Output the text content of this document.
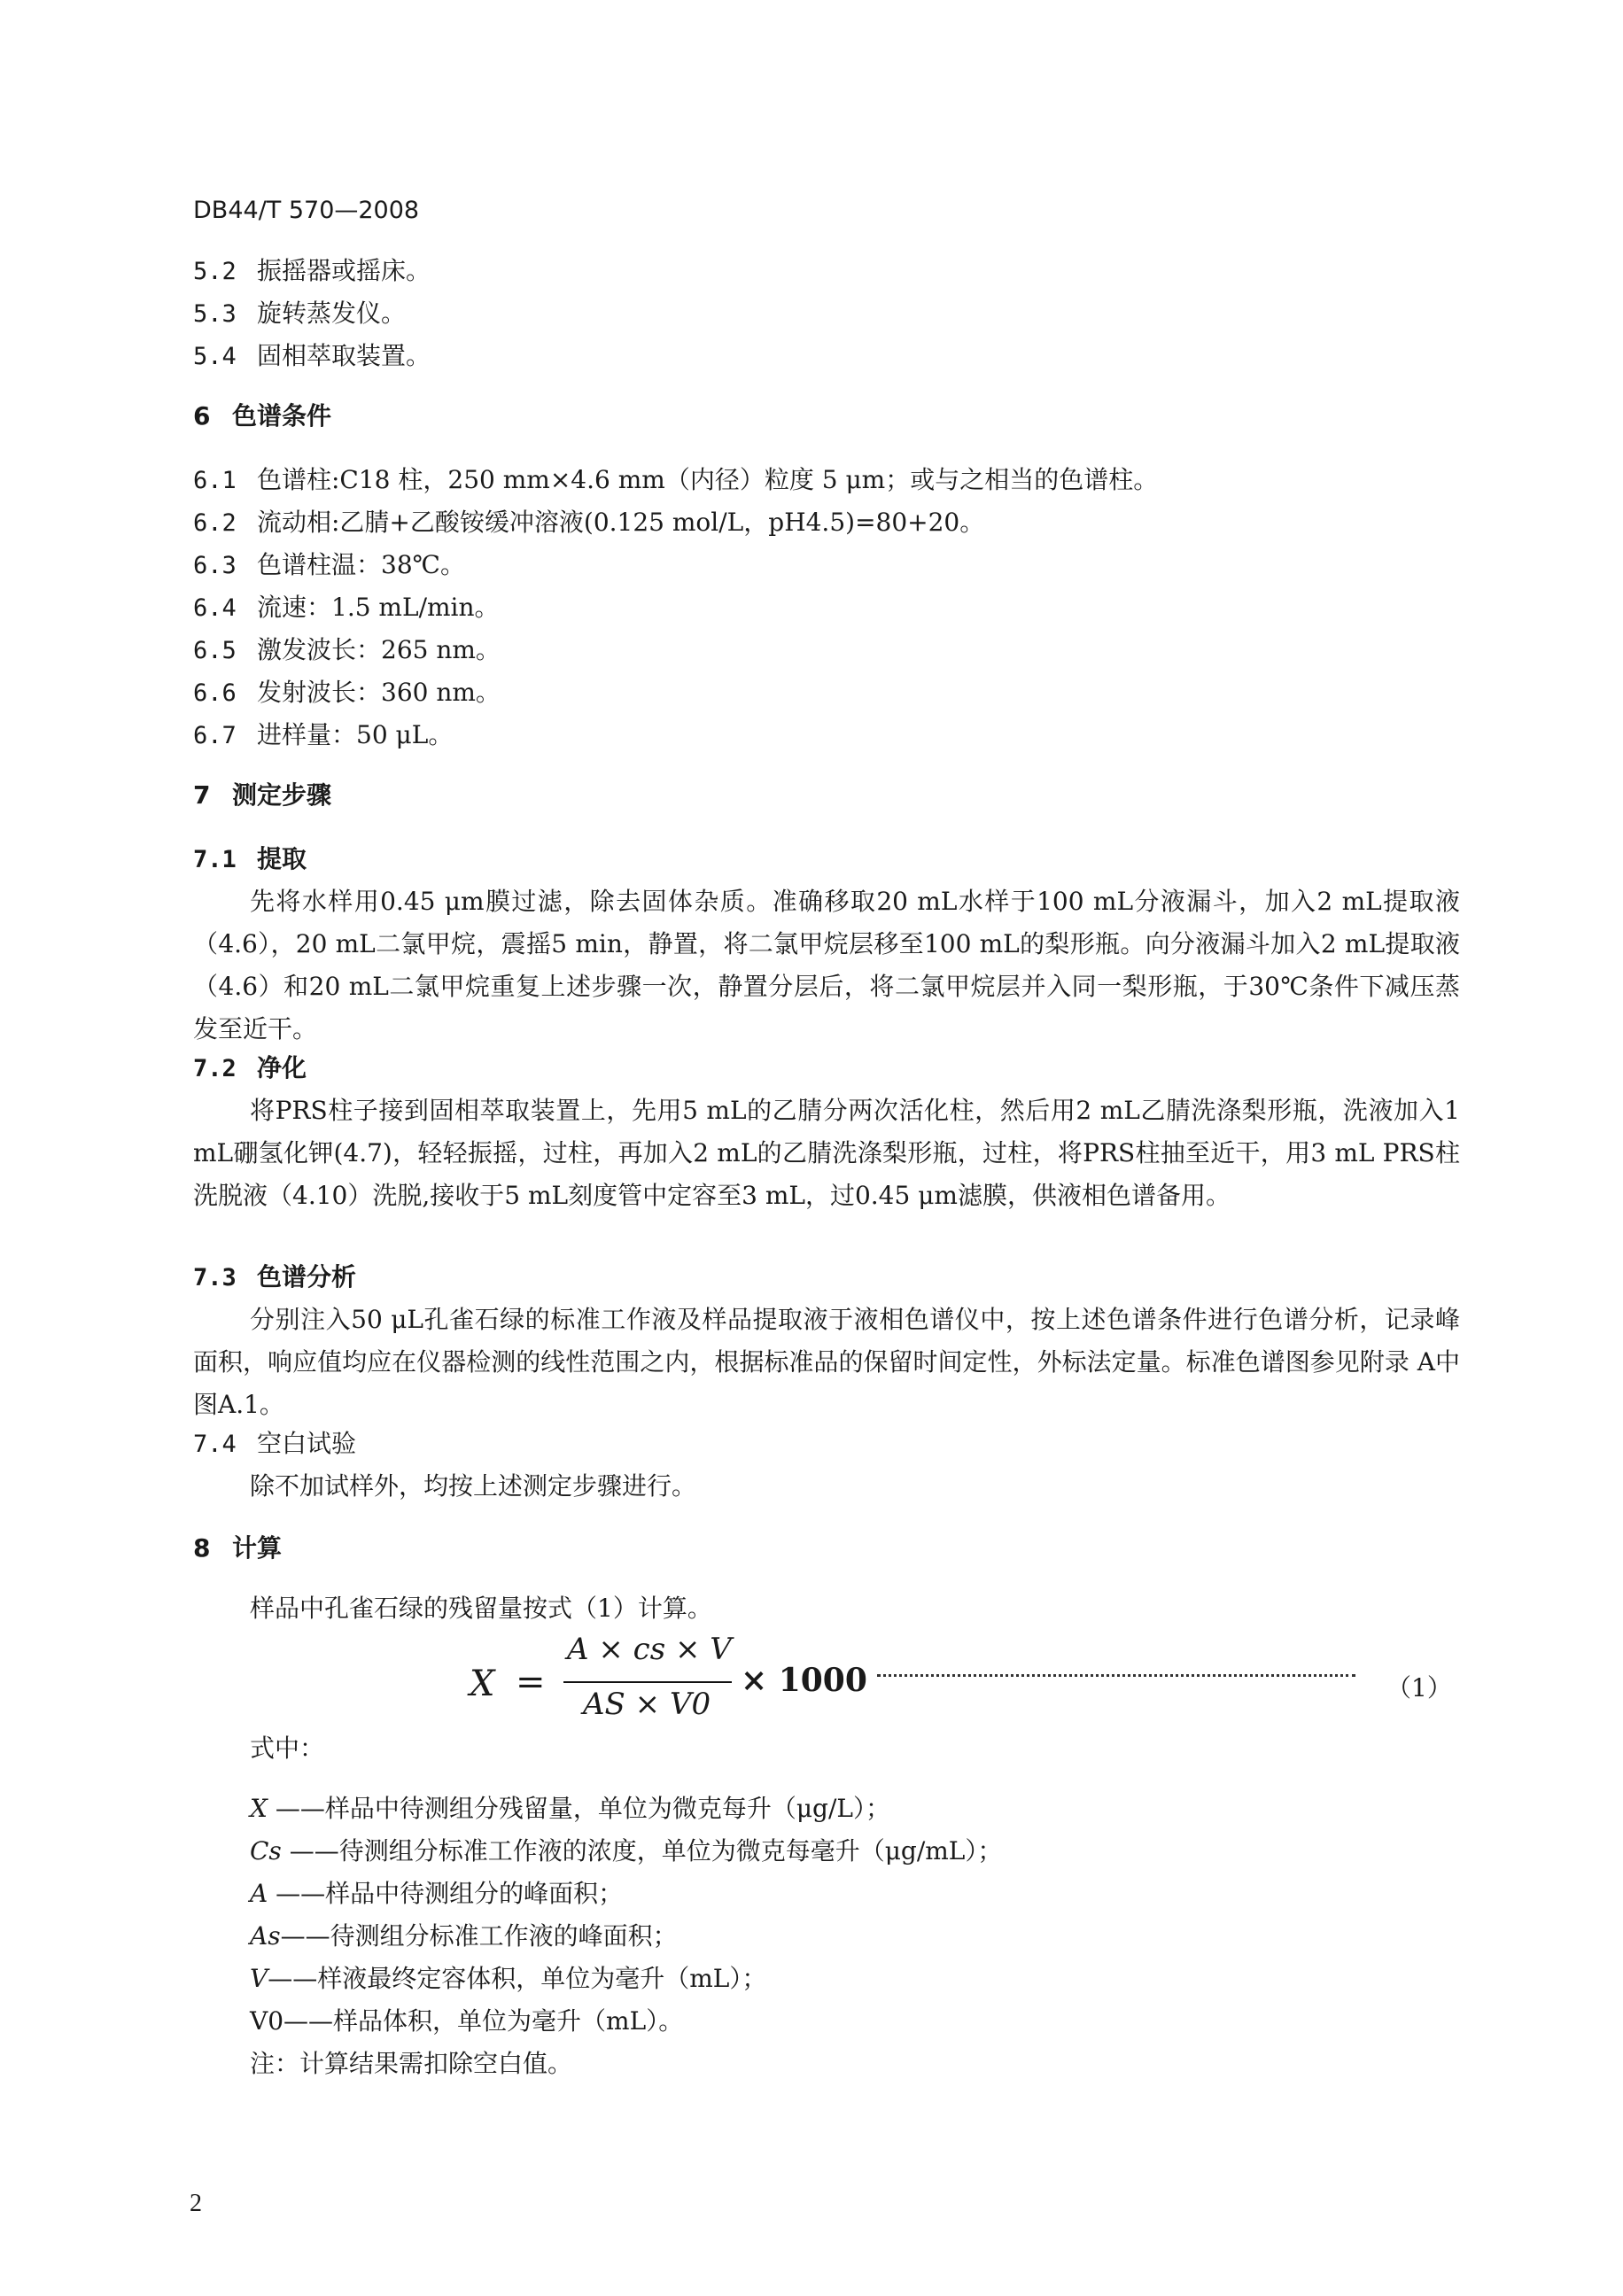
DB44/T 570—2008
5.2 振摇器或摇床。
5.3 旋转蒸发仪。
5.4 固相萃取装置。
6 色谱条件
6.1 色谱柱:C18 柱，250 mm×4.6 mm（内径）粒度 5 μm；或与之相当的色谱柱。
6.2 流动相:乙腈+乙酸铵缓冲溶液(0.125 mol/L，pH4.5)=80+20。
6.3 色谱柱温：38℃。
6.4 流速：1.5 mL/min。
6.5 激发波长：265 nm。
6.6 发射波长：360 nm。
6.7 进样量：50 μL。
7 测定步骤
7.1 提取
先将水样用0.45 μm膜过滤，除去固体杂质。准确移取20 mL水样于100 mL分液漏斗，加入2 mL提取液（4.6），20 mL二氯甲烷，震摇5 min，静置，将二氯甲烷层移至100 mL的梨形瓶。向分液漏斗加入2 mL提取液（4.6）和20 mL二氯甲烷重复上述步骤一次，静置分层后，将二氯甲烷层并入同一梨形瓶，于30℃条件下减压蒸发至近干。
7.2 净化
将PRS柱子接到固相萃取装置上，先用5 mL的乙腈分两次活化柱，然后用2 mL乙腈洗涤梨形瓶，洗液加入1 mL硼氢化钾(4.7)，轻轻振摇，过柱，再加入2 mL的乙腈洗涤梨形瓶，过柱，将PRS柱抽至近干，用3 mL PRS柱洗脱液（4.10）洗脱,接收于5 mL刻度管中定容至3 mL，过0.45 μm滤膜，供液相色谱备用。
7.3 色谱分析
分别注入50 μL孔雀石绿的标准工作液及样品提取液于液相色谱仪中，按上述色谱条件进行色谱分析，记录峰面积，响应值均应在仪器检测的线性范围之内，根据标准品的保留时间定性，外标法定量。标准色谱图参见附录 A中图A.1。
7.4 空白试验
除不加试样外，均按上述测定步骤进行。
8 计算
样品中孔雀石绿的残留量按式（1）计算。
X =
A × cs × V
AS × V0
× 1000	（1）
式中：
X ——样品中待测组分残留量，单位为微克每升（μg/L）；
Cs ——待测组分标准工作液的浓度，单位为微克每毫升（μg/mL）；
A ——样品中待测组分的峰面积；
As——待测组分标准工作液的峰面积；
V——样液最终定容体积，单位为毫升（mL）；
V0——样品体积，单位为毫升（mL）。
注：计算结果需扣除空白值。
2
